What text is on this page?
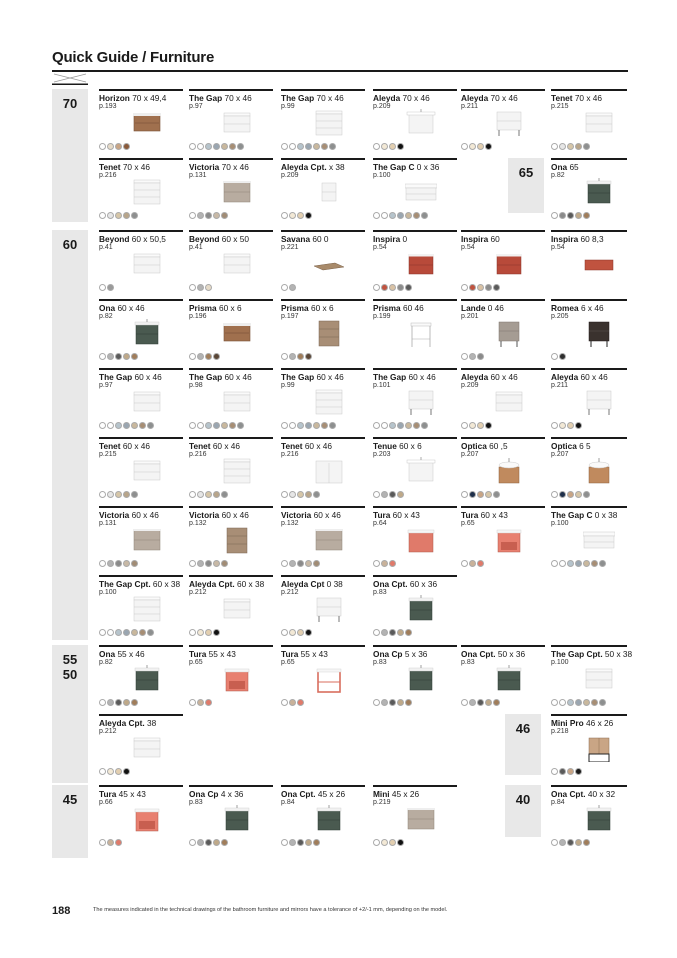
Quick Guide / Furniture
70
65
60
55
50
46
45	40
Horizon 70 x 49,4
p.193
The Gap 70 x 46
p.97
The Gap 70 x 46
p.99
Aleyda 70 x 46
p.209
Aleyda 70 x 46
p.211
Tenet 70 x 46
p.215
Tenet 70 x 46
p.216
Victoria 70 x 46
p.131
Aleyda Cpt. x 38
p.209
The Gap C 0 x 36
p.100
Ona 65
p.82
Beyond 60 x 50,5
p.41
Beyond 60 x 50
p.41
Savana 60 0
p.221
Inspira 0
p.54
Inspira 60
p.54
Inspira 60 8,3
p.54
Ona 60 x 46
p.82
Prisma 60 x 6
p.196
Prisma 60 x 6
p.197
Prisma 60 46
p.199
Lande 0 46
p.201
Romea 6 x 46
p.205
The Gap 60 x 46
p.97
The Gap 60 x 46
p.98
The Gap 60 x 46
p.99
The Gap 60 x 46
p.101
Aleyda 60 x 46
p.209
Aleyda 60 x 46
p.211
Tenet 60 x 46
p.215
Tenet 60 x 46
p.216
Tenet 60 x 46
p.216
Tenue 60 x 6
p.203
Optica 60 ,5
p.207
Optica 6 5
p.207
Victoria 60 x 46
p.131
Victoria 60 x 46
p.132
Victoria 60 x 46
p.132
Tura 60 x 43
p.64
Tura 60 x 43
p.65
The Gap C 0 x 38
p.100
The Gap Cpt. 60 x 38
p.100
Aleyda Cpt. 60 x 38
p.212
Aleyda Cpt 0 38
p.212
Ona Cpt. 60 x 36
p.83
Ona 55 x 46
p.82
Tura 55 x 43
p.65
Tura 55 x 43
p.65
Ona Cp 5 x 36
p.83
Ona Cpt. 50 x 36
p.83
The Gap Cpt. 50 x 38
p.100
Aleyda Cpt. 38
p.212
Mini Pro 46 x 26
p.218
Tura 45 x 43
p.66
Ona Cp 4 x 36
p.83
Ona Cpt. 45 x 26
p.84
Mini 45 x 26
p.219
Ona Cpt. 40 x 32
p.84
188	The measures indicated in the technical drawings of the bathroom furniture and mirrors have a tolerance of +2/-1 mm, depending on the model.
